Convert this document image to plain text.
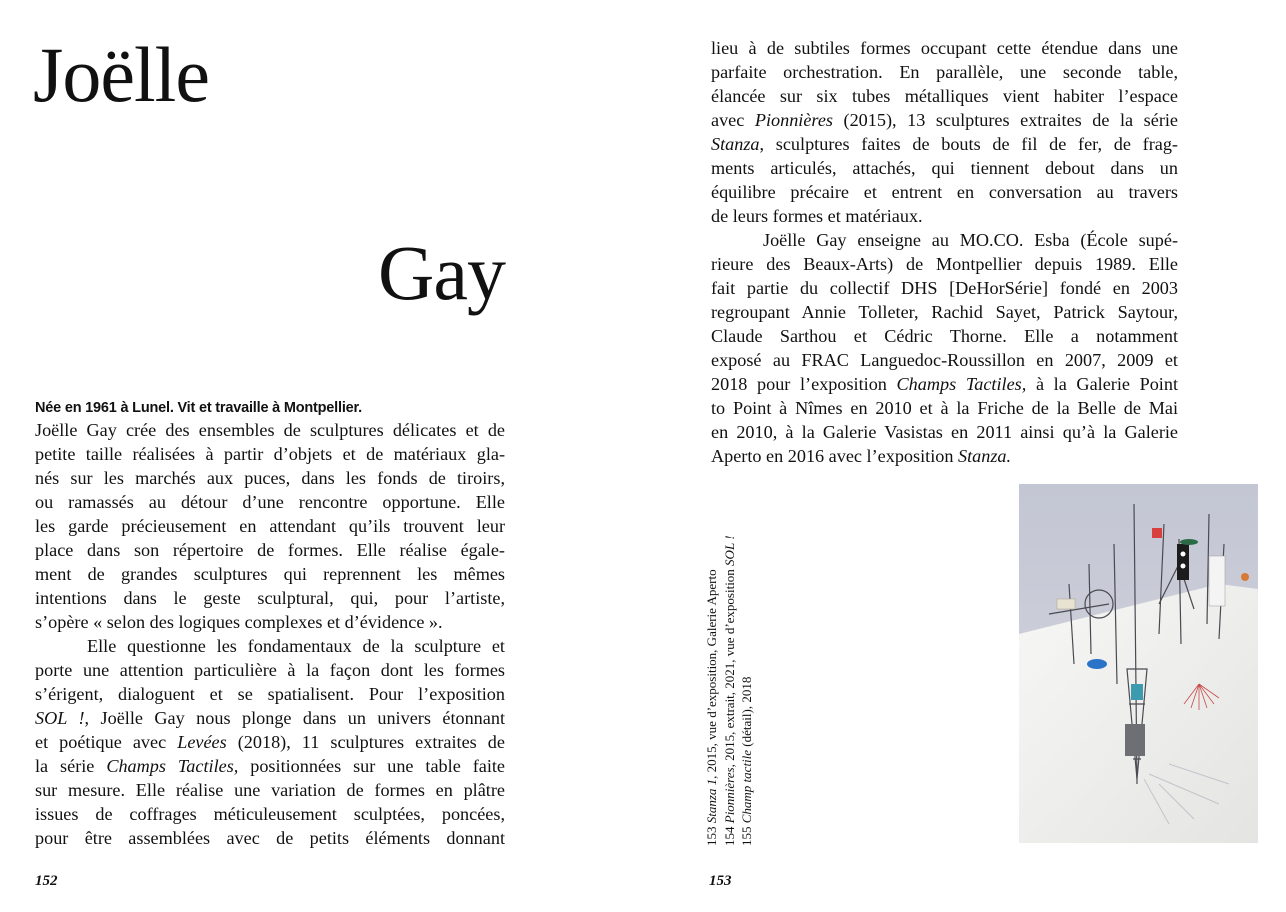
Joëlle
Gay

Née en 1961 à Lunel. Vit et travaille à Montpellier.

Joëlle Gay crée des ensembles de sculptures délicates et de
petite taille réalisées à partir d’objets et de matériaux gla-
nés sur les marchés aux puces, dans les fonds de tiroirs,
ou ramassés au détour d’une rencontre opportune. Elle
les garde précieusement en attendant qu’ils trouvent leur
place dans son répertoire de formes. Elle réalise égale-
ment de grandes sculptures qui reprennent les mêmes
intentions dans le geste sculptural, qui, pour l’artiste,
s’opère « selon des logiques complexes et d’évidence ».

Elle questionne les fondamentaux de la sculpture et
porte une attention particulière à la façon dont les formes
s’érigent, dialoguent et se spatialisent. Pour l’exposition
SOL !, Joëlle Gay nous plonge dans un univers étonnant
et poétique avec Levées (2018), 11 sculptures extraites de
la série Champs Tactiles, positionnées sur une table faite
sur mesure. Elle réalise une variation de formes en plâtre
issues de coffrages méticuleusement sculptées, poncées,
pour être assemblées avec de petits éléments donnant

152

lieu à de subtiles formes occupant cette étendue dans une
parfaite orchestration. En parallèle, une seconde table,
élancée sur six tubes métalliques vient habiter l’espace
avec Pionnières (2015), 13 sculptures extraites de la série
Stanza, sculptures faites de bouts de fil de fer, de frag-
ments articulés, attachés, qui tiennent debout dans un
équilibre précaire et entrent en conversation au travers
de leurs formes et matériaux.

Joëlle Gay enseigne au MO.CO. Esba (École supé-
rieure des Beaux-Arts) de Montpellier depuis 1989. Elle
fait partie du collectif DHS [DeHorSérie] fondé en 2003
regroupant Annie Tolleter, Rachid Sayet, Patrick Saytour,
Claude Sarthou et Cédric Thorne. Elle a notamment
exposé au FRAC Languedoc-Roussillon en 2007, 2009 et
2018 pour l’exposition Champs Tactiles, à la Galerie Point
to Point à Nîmes en 2010 et à la Friche de la Belle de Mai
en 2010, à la Galerie Vasistas en 2011 ainsi qu’à la Galerie
Aperto en 2016 avec l’exposition Stanza.

153 Stanza 1, 2015, vue d’exposition, Galerie Aperto
154 Pionnières, 2015, extrait, 2021, vue d’exposition SOL !
155 Champ tactile (détail), 2018

153
